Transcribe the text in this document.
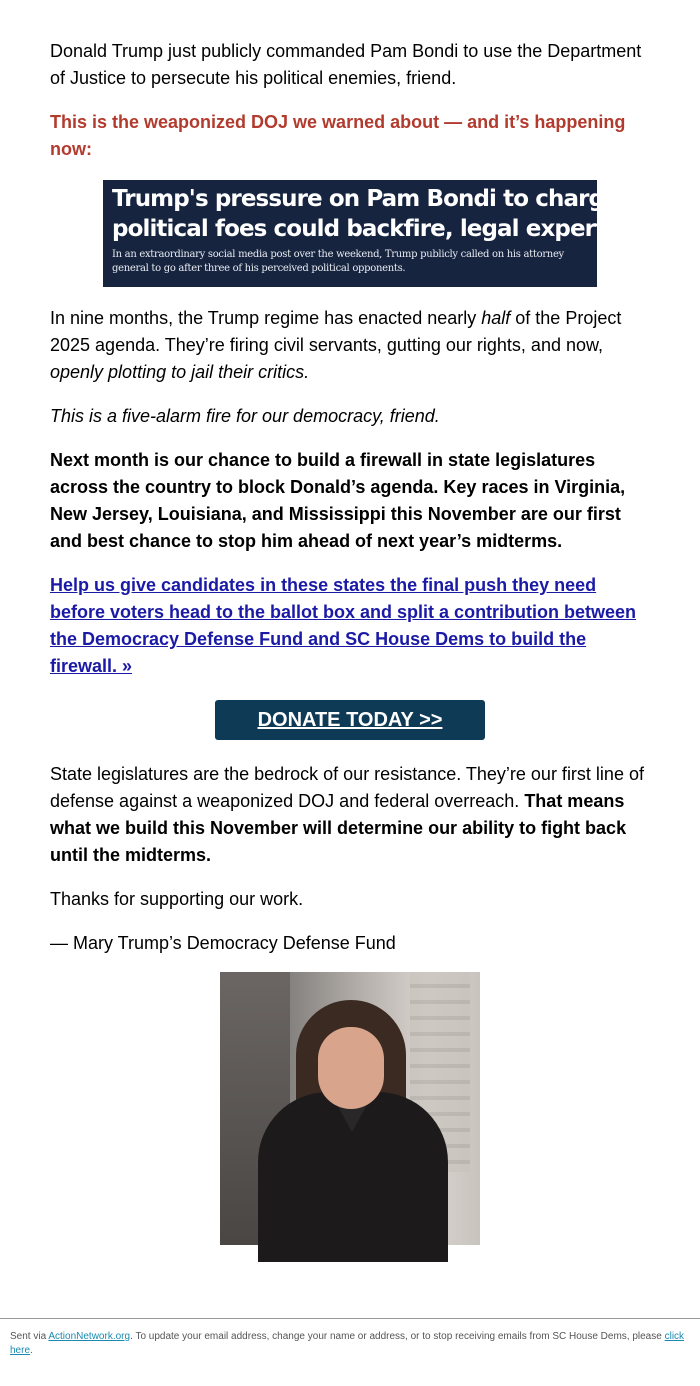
Donald Trump just publicly commanded Pam Bondi to use the Department of Justice to persecute his political enemies, friend.

This is the weaponized DOJ we warned about — and it’s happening now:

Trump's pressure on Pam Bondi to charge his
political foes could backfire, legal experts say
In an extraordinary social media post over the weekend, Trump publicly called on his attorney general to go after three of his perceived political opponents.

In nine months, the Trump regime has enacted nearly half of the Project 2025 agenda. They’re firing civil servants, gutting our rights, and now, openly plotting to jail their critics.

This is a five-alarm fire for our democracy, friend.

Next month is our chance to build a firewall in state legislatures across the country to block Donald’s agenda. Key races in Virginia, New Jersey, Louisiana, and Mississippi this November are our first and best chance to stop him ahead of next year’s midterms.

Help us give candidates in these states the final push they need before voters head to the ballot box and split a contribution between the Democracy Defense Fund and SC House Dems to build the firewall. »
DONATE TODAY >>

State legislatures are the bedrock of our resistance. They’re our first line of defense against a weaponized DOJ and federal overreach. That means what we build this November will determine our ability to fight back until the midterms.

Thanks for supporting our work.

— Mary Trump’s Democracy Defense Fund

Sent via ActionNetwork.org. To update your email address, change your name or address, or to stop receiving emails from SC House Dems, please click here.
